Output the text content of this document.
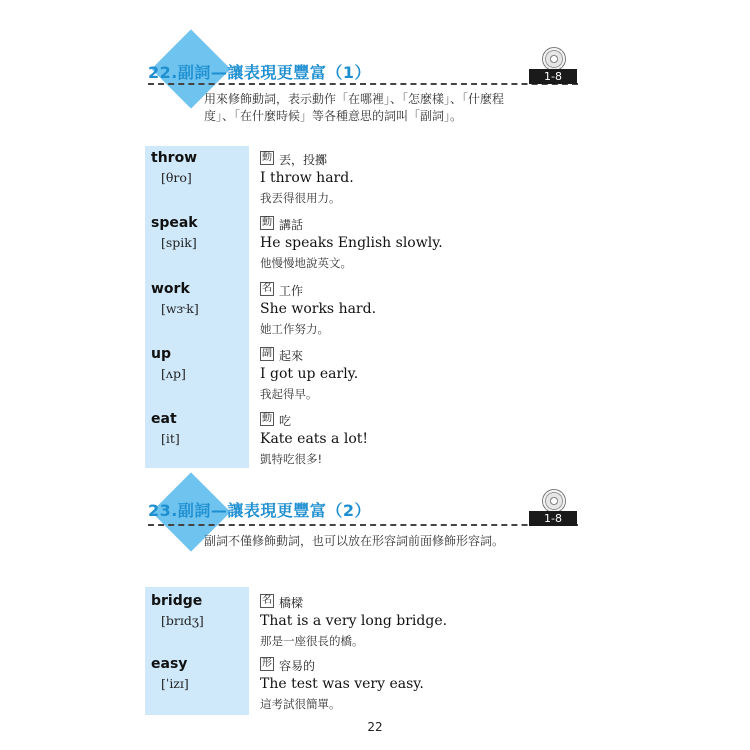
22.副詞—讓表現更豐富（1）	1-8
用來修飾動詞，表示動作「在哪裡」、「怎麼樣」、「什麼程
度」、「在什麼時候」等各種意思的詞叫「副詞」。
throw
[θro]
動 丟，投擲
I throw hard.
我丟得很用力。
speak
[spik]
動 講話
He speaks English slowly.
他慢慢地說英文。
work
[wɝk]
名 工作
She works hard.
她工作努力。
up
[ʌp]
副 起來
I got up early.
我起得早。
eat
[it]
動 吃
Kate eats a lot!
凱特吃很多!
23.副詞—讓表現更豐富（2）	1-8
副詞不僅修飾動詞，也可以放在形容詞前面修飾形容詞。
bridge
[brɪdʒ]
名 橋樑
That is a very long bridge.
那是一座很長的橋。
easy
[ˈizɪ]
形 容易的
The test was very easy.
這考試很簡單。
22
